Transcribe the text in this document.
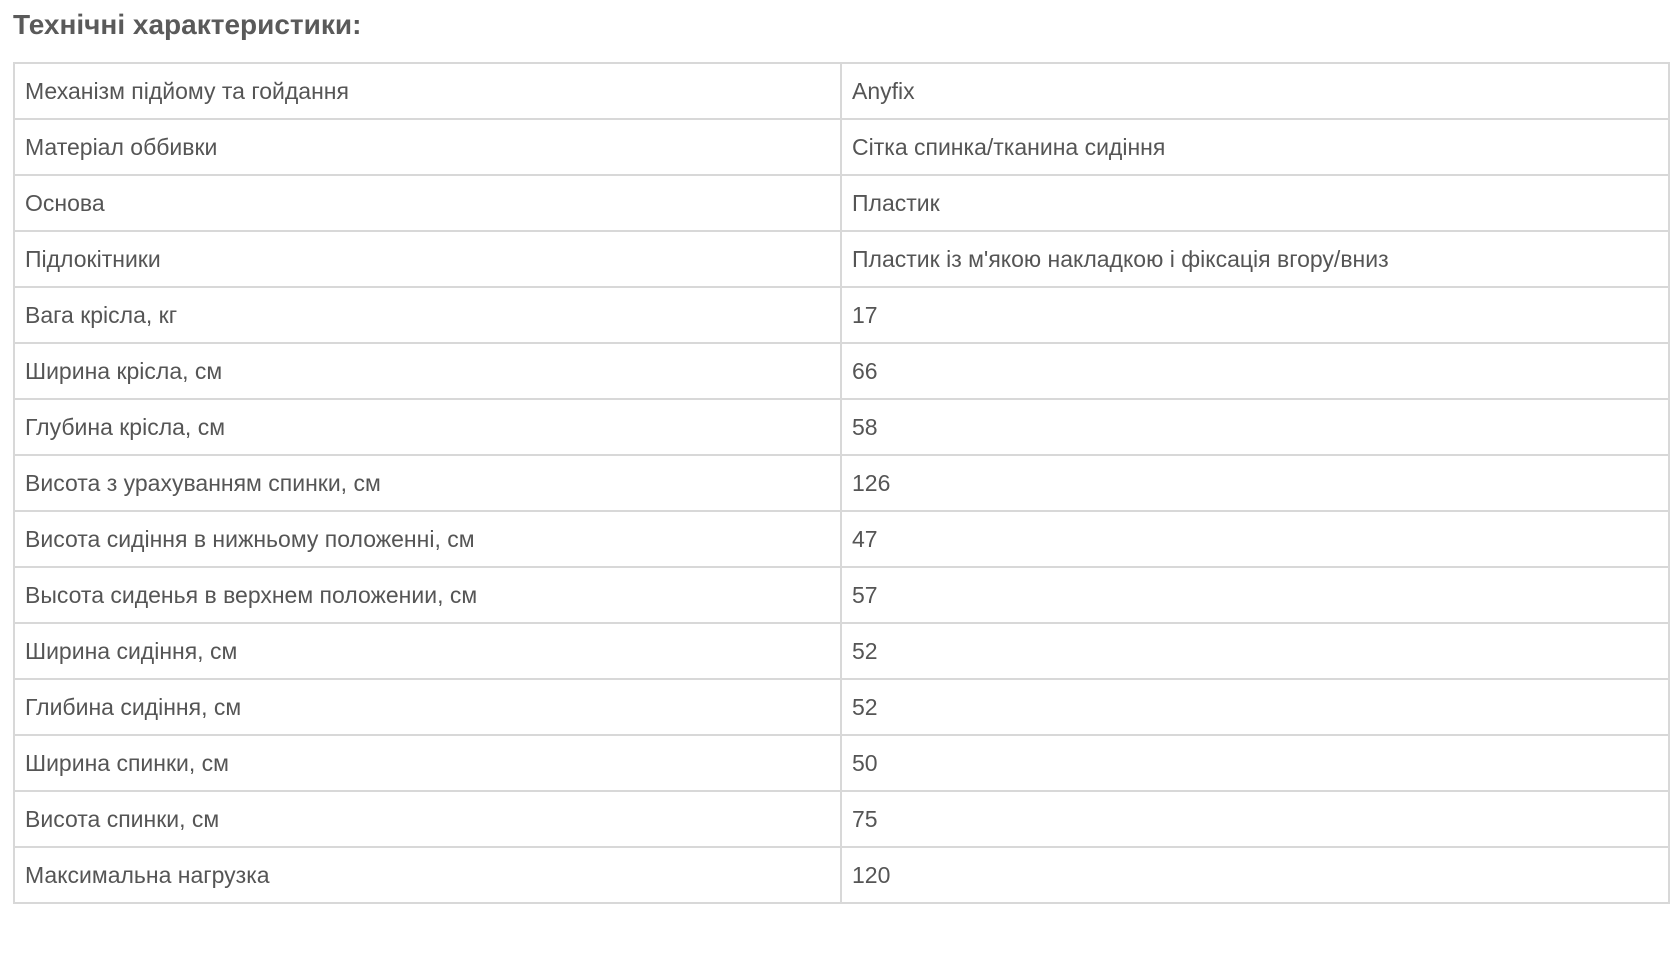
Технічні характеристики:
Механізм підйому та гойдання	Anyfix
Матеріал оббивки	Сітка спинка/тканина сидіння
Основа	Пластик
Підлокітники	Пластик із м'якою накладкою і фіксація вгору/вниз
Вага крісла, кг	17
Ширина крісла, см	66
Глубина крісла, см	58
Висота з урахуванням спинки, см	126
Висота сидіння в нижньому положенні, см	47
Высота сиденья в верхнем положении, см	57
Ширина сидіння, см	52
Глибина сидіння, см	52
Ширина спинки, см	50
Висота спинки, см	75
Максимальна нагрузка	120
